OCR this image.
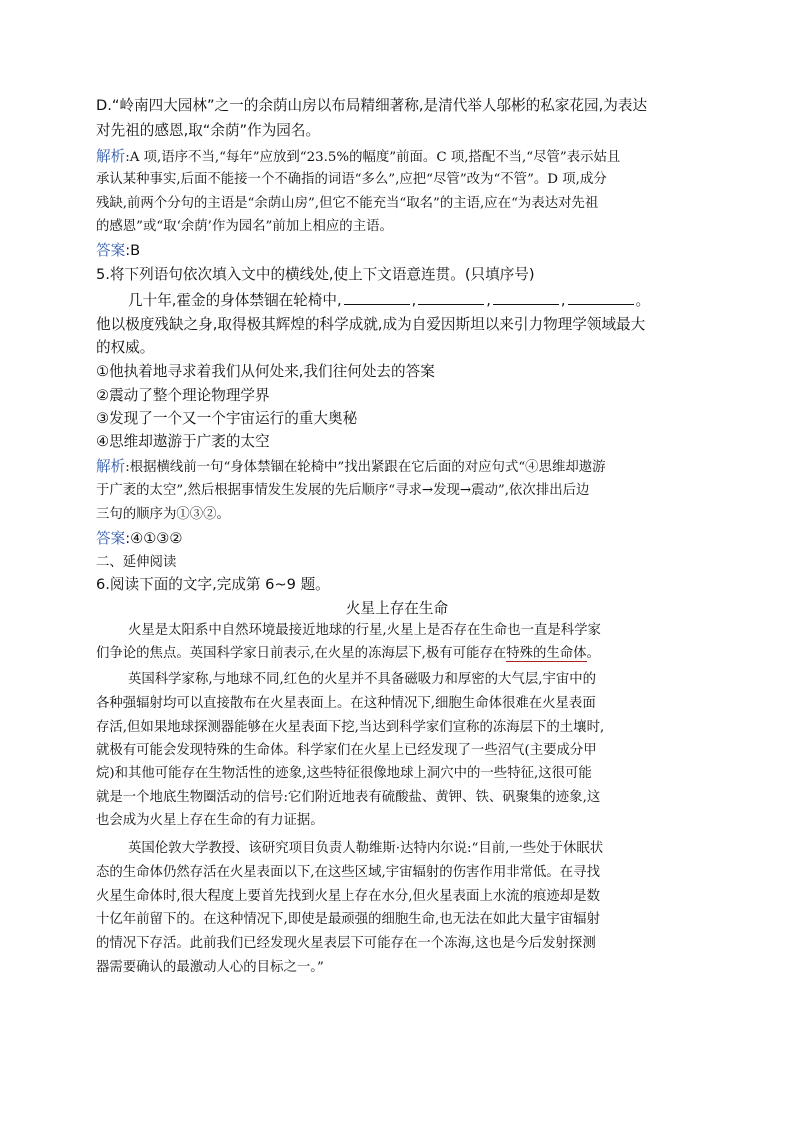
D.“岭南四大园林”之一的余荫山房以布局精细著称,是清代举人邬彬的私家花园,为表达
对先祖的感恩,取“余荫”作为园名。
解析:A 项,语序不当,“每年”应放到“23.5%的幅度”前面。C 项,搭配不当,“尽管”表示姑且
承认某种事实,后面不能接一个不确指的词语“多么”,应把“尽管”改为“不管”。D 项,成分
残缺,前两个分句的主语是“余荫山房”,但它不能充当“取名”的主语,应在“为表达对先祖
的感恩”或“取‘余荫’作为园名”前加上相应的主语。
答案:B
5.将下列语句依次填入文中的横线处,使上下文语意连贯。(只填序号)
几十年,霍金的身体禁锢在轮椅中,	,	,	,	。
他以极度残缺之身,取得极其辉煌的科学成就,成为自爱因斯坦以来引力物理学领域最大
的权威。
①他执着地寻求着我们从何处来,我们往何处去的答案
②震动了整个理论物理学界
③发现了一个又一个宇宙运行的重大奥秘
④思维却遨游于广袤的太空
解析:根据横线前一句“身体禁锢在轮椅中”找出紧跟在它后面的对应句式“④思维却遨游
于广袤的太空”,然后根据事情发生发展的先后顺序“寻求→发现→震动”,依次排出后边
三句的顺序为①③②。
答案:④①③②
二、延伸阅读
6.阅读下面的文字,完成第 6~9 题。
火星上存在生命
火星是太阳系中自然环境最接近地球的行星,火星上是否存在生命也一直是科学家
们争论的焦点。英国科学家日前表示,在火星的冻海层下,极有可能存在特殊的生命体。
英国科学家称,与地球不同,红色的火星并不具备磁吸力和厚密的大气层,宇宙中的
各种强辐射均可以直接散布在火星表面上。在这种情况下,细胞生命体很难在火星表面
存活,但如果地球探测器能够在火星表面下挖,当达到科学家们宣称的冻海层下的土壤时,
就极有可能会发现特殊的生命体。科学家们在火星上已经发现了一些沼气(主要成分甲
烷)和其他可能存在生物活性的迹象,这些特征很像地球上洞穴中的一些特征,这很可能
就是一个地底生物圈活动的信号:它们附近地表有硫酸盐、黄钾、铁、矾聚集的迹象,这
也会成为火星上存在生命的有力证据。
英国伦敦大学教授、该研究项目负责人勒维斯·达特内尔说:“目前,一些处于休眠状
态的生命体仍然存活在火星表面以下,在这些区域,宇宙辐射的伤害作用非常低。在寻找
火星生命体时,很大程度上要首先找到火星上存在水分,但火星表面上水流的痕迹却是数
十亿年前留下的。在这种情况下,即使是最顽强的细胞生命,也无法在如此大量宇宙辐射
的情况下存活。此前我们已经发现火星表层下可能存在一个冻海,这也是今后发射探测
器需要确认的最激动人心的目标之一。”
